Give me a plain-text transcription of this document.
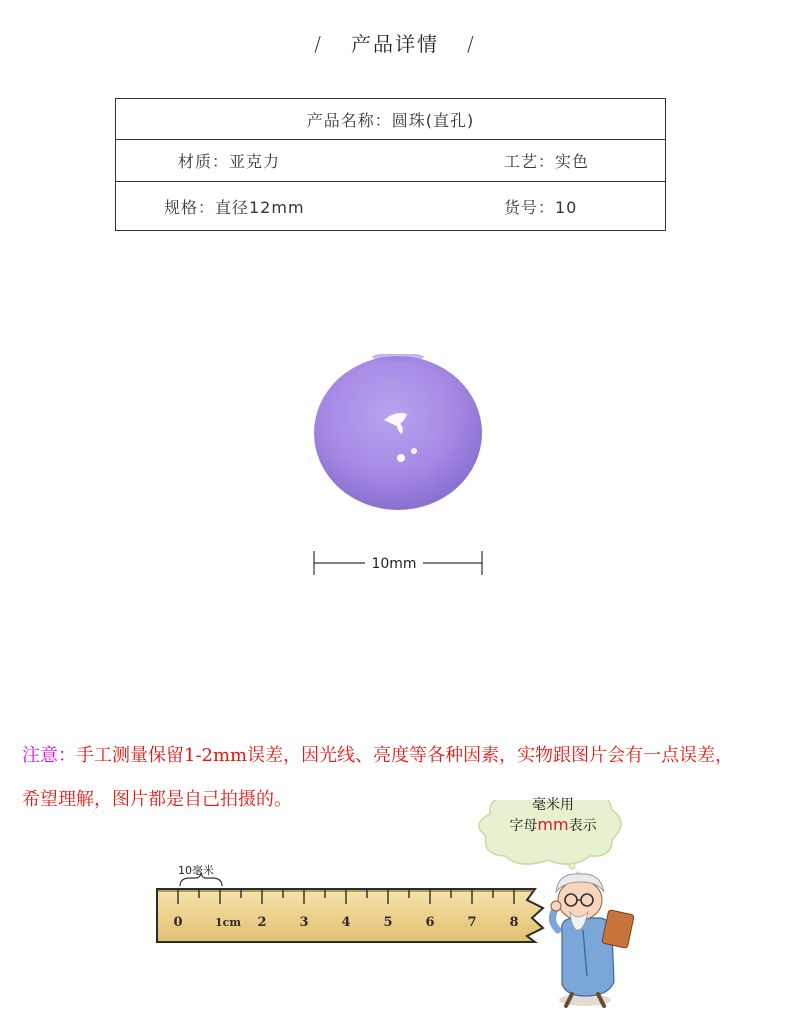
/ 产品详情 /
产品名称：圆珠(直孔)	
材质：亚克力	工艺：实色
规格：直径12mm	货号：10
10mm
注意：手工测量保留1-2mm误差，因光线、亮度等各种因素，实物跟图片会有一点误差，
希望理解，图片都是自己拍摄的。
0	1cm 2	3	4	5	6	7	8
毫米用
字母mm表示
10毫米
